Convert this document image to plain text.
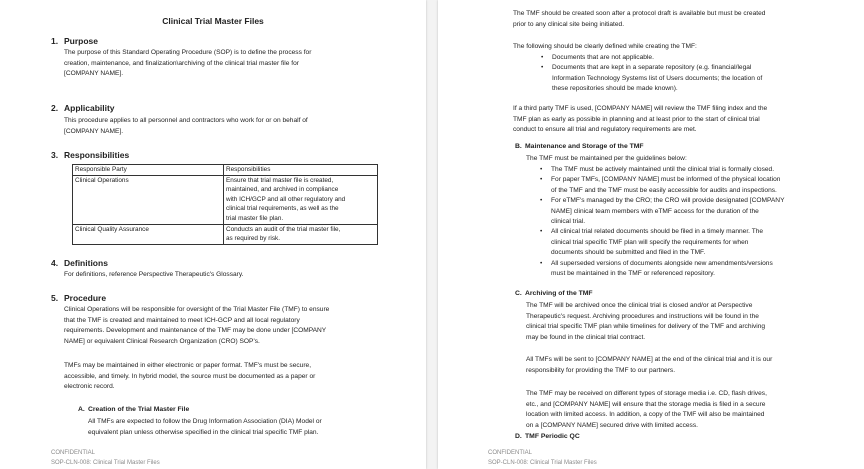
Clinical Trial Master Files
1. Purpose
The purpose of this Standard Operating Procedure (SOP) is to define the process for
creation, maintenance, and finalization\archiving of the clinical trial master file for
[COMPANY NAME].
2. Applicability
This procedure applies to all personnel and contractors who work for or on behalf of
[COMPANY NAME].
3. Responsibilities
Responsible Party	Responsibilities
Clinical Operations	Ensure that trial master file is created,
maintained, and archived in compliance
with ICH/GCP and all other regulatory and
clinical trial requirements, as well as the
trial master file plan.

Clinical Quality Assurance	Conducts an audit of the trial master file,
as required by risk.
4. Definitions
For definitions, reference Perspective Therapeutic's Glossary.
5. Procedure
Clinical Operations will be responsible for oversight of the Trial Master File (TMF) to ensure
that the TMF is created and maintained to meet ICH-GCP and all local regulatory
requirements. Development and maintenance of the TMF may be done under [COMPANY
NAME] or equivalent Clinical Research Organization (CRO) SOP's.
TMFs may be maintained in either electronic or paper format. TMF's must be secure,
accessible, and timely. In hybrid model, the source must be documented as a paper or
electronic record.
A. Creation of the Trial Master File
All TMFs are expected to follow the Drug Information Association (DIA) Model or
equivalent plan unless otherwise specified in the clinical trial specific TMF plan.
CONFIDENTIAL
SOP-CLN-008: Clinical Trial Master Files
The TMF should be created soon after a protocol draft is available but must be created
prior to any clinical site being initiated.
The following should be clearly defined while creating the TMF:
• Documents that are not applicable.
• Documents that are kept in a separate repository (e.g. financial/legal
Information Technology Systems list of Users documents; the location of
these repositories should be made known).
If a third party TMF is used, [COMPANY NAME] will review the TMF filing index and the
TMF plan as early as possible in planning and at least prior to the start of clinical trial
conduct to ensure all trial and regulatory requirements are met.
B. Maintenance and Storage of the TMF
The TMF must be maintained per the guidelines below:
• The TMF must be actively maintained until the clinical trial is formally closed.
• For paper TMFs, [COMPANY NAME] must be informed of the physical location
of the TMF and the TMF must be easily accessible for audits and inspections.
• For eTMF's managed by the CRO; the CRO will provide designated [COMPANY
NAME] clinical team members with eTMF access for the duration of the
clinical trial.
• All clinical trial related documents should be filed in a timely manner. The
clinical trial specific TMF plan will specify the requirements for when
documents should be submitted and filed in the TMF.
• All superseded versions of documents alongside new amendments/versions
must be maintained in the TMF or referenced repository.
C. Archiving of the TMF
The TMF will be archived once the clinical trial is closed and/or at Perspective
Therapeutic's request. Archiving procedures and instructions will be found in the
clinical trial specific TMF plan while timelines for delivery of the TMF and archiving
may be found in the clinical trial contract.
All TMFs will be sent to [COMPANY NAME] at the end of the clinical trial and it is our
responsibility for providing the TMF to our partners.
The TMF may be received on different types of storage media i.e. CD, flash drives,
etc., and [COMPANY NAME] will ensure that the storage media is filed in a secure
location with limited access. In addition, a copy of the TMF will also be maintained
on a [COMPANY NAME] secured drive with limited access.
D. TMF Periodic QC
CONFIDENTIAL
SOP-CLN-008: Clinical Trial Master Files
